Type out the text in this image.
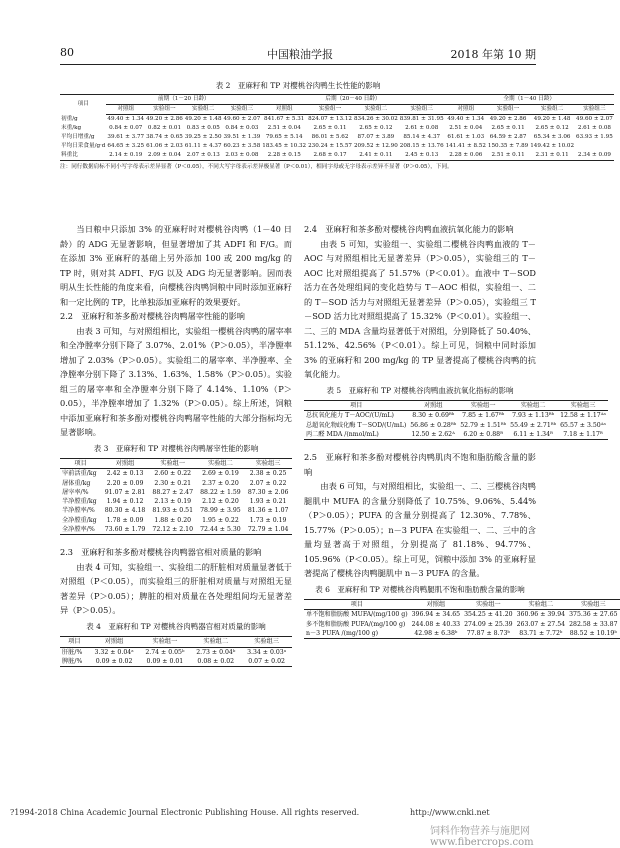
80	中国粮油学报	2018 年第 10 期
表 2　亚麻籽和 TP 对樱桃谷肉鸭生长性能的影响
项目	前期（1－20 日龄）				后期（20－40 日龄）				全期（1－40 日龄）			
	对照组	实验组一	实验组二	实验组三	对照组	实验组一	实验组二	实验组三	对照组	实验组一	实验组二	实验组三
初重/g	49.40 ± 1.34	49.20 ± 2.86	49.20 ± 1.48	49.60 ± 2.07	841.67 ± 5.31	824.07 ± 13.12	834.26 ± 30.02	839.81 ± 31.95	49.40 ± 1.34	49.20 ± 2.86	49.20 ± 1.48	49.60 ± 2.07
末重/kg	0.84 ± 0.07	0.82 ± 0.01	0.83 ± 0.05	0.84 ± 0.03	2.51 ± 0.04	2.65 ± 0.11	2.65 ± 0.12	2.61 ± 0.08	2.51 ± 0.04	2.65 ± 0.11	2.65 ± 0.12	2.61 ± 0.08
平均日增重/g	39.61 ± 3.77	38.74 ± 0.65	39.25 ± 2.50	39.51 ± 1.39	79.65 ± 5.14	86.01 ± 5.62	87.07 ± 3.89	85.14 ± 4.37	61.61 ± 1.03	64.59 ± 2.87	65.34 ± 3.06	63.93 ± 1.95
平均日采食量/g·d	64.65 ± 3.25	61.06 ± 2.03	61.11 ± 4.37	60.23 ± 3.58	183.45 ± 10.32	230.24 ± 15.57	209.52 ± 12.90	208.15 ± 13.76	141.41 ± 8.52	150.35 ± 7.89	149.42 ± 10.02	
料重比	2.14 ± 0.19	2.09 ± 0.04	2.07 ± 0.13	2.03 ± 0.08	2.28 ± 0.15	2.68 ± 0.17	2.41 ± 0.11	2.45 ± 0.13	2.28 ± 0.06	2.51 ± 0.11	2.31 ± 0.11	2.34 ± 0.09
注：同行数据肩标不同小写字母表示差异显著（P＜0.05），不同大写字母表示差异极显著（P＜0.01），相同字母或无字母表示差异不显著（P＞0.05），下同。

当日粮中只添加 3% 的亚麻籽时对樱桃谷肉鸭（1－40 日龄）的 ADG 无显著影响，但显著增加了其 ADFI 和 F/G。而在添加 3% 亚麻籽的基础上另外添加 100 或 200 mg/kg 的 TP 时，则对其 ADFI、F/G 以及 ADG 均无显著影响。因而表明从生长性能的角度来看，向樱桃谷肉鸭饲粮中同时添加亚麻籽和一定比例的 TP，比单独添加亚麻籽的效果要好。

2.2　亚麻籽和茶多酚对樱桃谷肉鸭屠宰性能的影响

由表 3 可知，与对照组相比，实验组一樱桃谷肉鸭的屠宰率和全净膛率分别下降了 3.07%、2.01%（P＞0.05），半净膛率增加了 2.03%（P＞0.05）。实验组二的屠宰率、半净膛率、全净膛率分别下降了 3.13%、1.63%、1.58%（P＞0.05）。实验组三的屠宰率和全净膛率分别下降了 4.14%、1.10%（P＞0.05），半净膛率增加了 1.32%（P＞0.05）。综上所述，饲粮中添加亚麻籽和茶多酚对樱桃谷肉鸭屠宰性能的大部分指标均无显著影响。

表 3　亚麻籽和 TP 对樱桃谷肉鸭屠宰性能的影响
项目	对照组	实验组一	实验组二	实验组三
宰前活重/kg	2.42 ± 0.13	2.60 ± 0.22	2.69 ± 0.19	2.38 ± 0.25
屠体重/kg	2.20 ± 0.09	2.30 ± 0.21	2.37 ± 0.20	2.07 ± 0.22
屠宰率/%	91.07 ± 2.81	88.27 ± 2.47	88.22 ± 1.59	87.30 ± 2.06
半净膛重/kg	1.94 ± 0.12	2.13 ± 0.19	2.12 ± 0.20	1.93 ± 0.21
半净膛率/%	80.30 ± 4.18	81.93 ± 0.51	78.99 ± 3.95	81.36 ± 1.07
全净膛重/kg	1.78 ± 0.09	1.88 ± 0.20	1.95 ± 0.22	1.73 ± 0.19
全净膛率/%	73.60 ± 1.79	72.12 ± 2.10	72.44 ± 5.30	72.79 ± 1.04

2.3　亚麻籽和茶多酚对樱桃谷肉鸭器官相对质量的影响

由表 4 可知，实验组一、实验组二的肝脏相对质量显著低于对照组（P＜0.05），而实验组三的肝脏相对质量与对照组无显著差异（P＞0.05）；脾脏的相对质量在各处理组间均无显著差异（P＞0.05）。

表 4　亚麻籽和 TP 对樱桃谷肉鸭器官相对质量的影响
项目	对照组	实验组一	实验组二	实验组三
肝脏/%	3.32 ± 0.04ᵃ	2.74 ± 0.05ᵇ	2.73 ± 0.04ᵇ	3.34 ± 0.03ᵃ
脾脏/%	0.09 ± 0.02	0.09 ± 0.01	0.08 ± 0.02	0.07 ± 0.02

2.4　亚麻籽和茶多酚对樱桃谷肉鸭血液抗氧化能力的影响

由表 5 可知，实验组一、实验组二樱桃谷肉鸭血液的 T－AOC 与对照组相比无显著差异（P＞0.05），实验组三的 T－AOC 比对照组提高了 51.57%（P＜0.01）。血液中 T－SOD 活力在各处理组间的变化趋势与 T－AOC 相似，实验组一、二的 T－SOD 活力与对照组无显著差异（P＞0.05），实验组三 T－SOD 活力比对照组提高了 15.32%（P＜0.01）。实验组一、二、三的 MDA 含量均显著低于对照组，分别降低了 50.40%、51.12%、42.56%（P＜0.01）。综上可见，饲粮中同时添加 3% 的亚麻籽和 200 mg/kg 的 TP 显著提高了樱桃谷肉鸭的抗氧化能力。

表 5　亚麻籽和 TP 对樱桃谷肉鸭血液抗氧化指标的影响
项目	对照组	实验组一	实验组二	实验组三
总抗氧化能力 T－AOC/(U/mL)	8.30 ± 0.69ᴮᵇ	7.85 ± 1.67ᴮᵇ	7.93 ± 1.13ᴮᵇ	12.58 ± 1.17ᴬᵃ
总超氧化物歧化酶 T－SOD/(U/mL)	56.86 ± 0.28ᴮᵇ	52.79 ± 1.51ᴮᵇ	55.49 ± 2.71ᴮᵇ	65.57 ± 3.50ᴬᵃ
丙二醛 MDA /(nmol/mL)	12.50 ± 2.62ᴬ	6.20 ± 0.88ᴮ	6.11 ± 1.34ᴮ	7.18 ± 1.17ᴮ

2.5　亚麻籽和茶多酚对樱桃谷肉鸭肌肉不饱和脂肪酸含量的影响

由表 6 可知，与对照组相比，实验组一、二、三樱桃谷肉鸭腿肌中 MUFA 的含量分别降低了 10.75%、9.06%、5.44%（P＞0.05）；PUFA 的含量分别提高了 12.30%、7.78%、15.77%（P＞0.05）；n－3 PUFA 在实验组一、二、三中的含量均显著高于对照组，分别提高了 81.18%、94.77%、105.96%（P＜0.05）。综上可见，饲粮中添加 3% 的亚麻籽显著提高了樱桃谷肉鸭腿肌中 n－3 PUFA 的含量。

表 6　亚麻籽和 TP 对樱桃谷肉鸭腿肌不饱和脂肪酸含量的影响
项目	对照组	实验组一	实验组二	实验组三
单不饱和脂肪酸 MUFA/(mg/100 g)	396.94 ± 34.65	354.25 ± 41.20	360.96 ± 39.94	375.36 ± 27.65
多不饱和脂肪酸 PUFA/(mg/100 g)	244.08 ± 40.33	274.09 ± 25.39	263.07 ± 27.54	282.58 ± 33.87
n－3 PUFA /(mg/100 g)	42.98 ± 6.38ᵇ	77.87 ± 8.73ᵇ	83.71 ± 7.72ᵇ	88.52 ± 10.19ᵇ
?1994-2018 China Academic Journal Electronic Publishing House. All rights reserved.	http://www.cnki.net
饲料作物营养与施肥网 www.fibercrops.com
